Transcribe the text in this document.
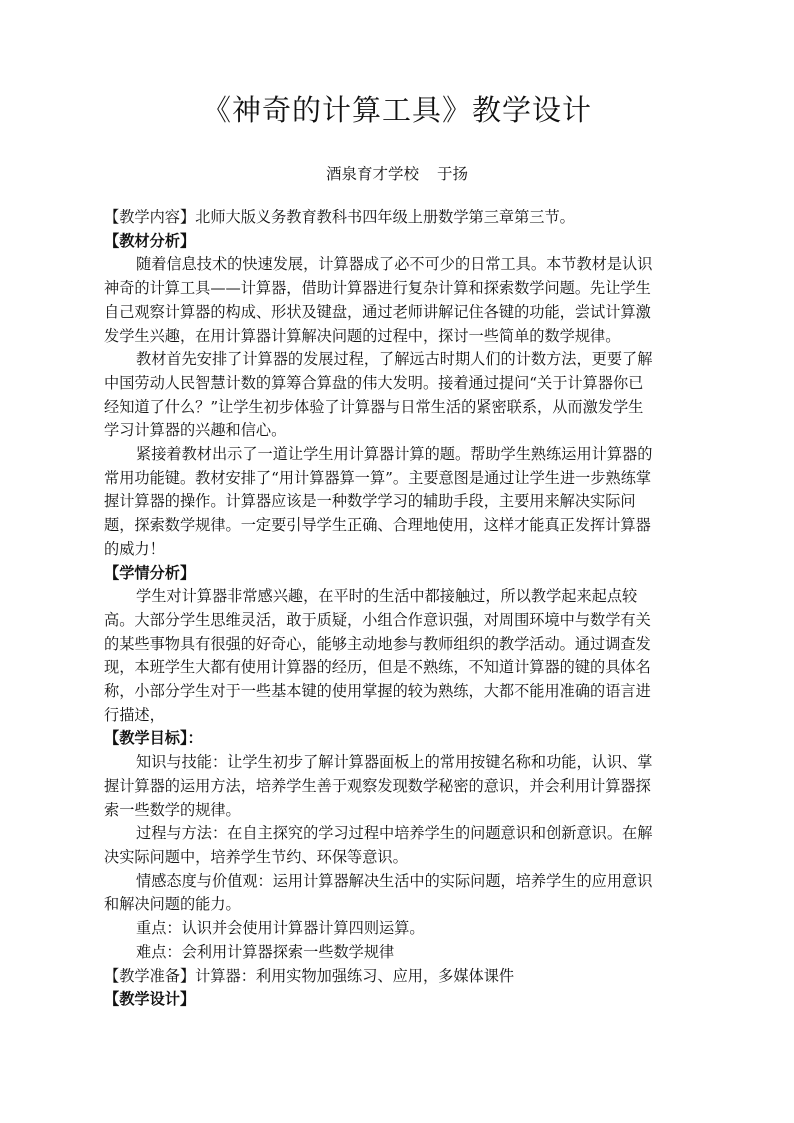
《神奇的计算工具》教学设计
酒泉育才学校 于扬
【教学内容】北师大版义务教育教科书四年级上册数学第三章第三节。
【教材分析】
随着信息技术的快速发展，计算器成了必不可少的日常工具。本节教材是认识
神奇的计算工具——计算器，借助计算器进行复杂计算和探索数学问题。先让学生
自己观察计算器的构成、形状及键盘，通过老师讲解记住各键的功能，尝试计算激
发学生兴趣，在用计算器计算解决问题的过程中，探讨一些简单的数学规律。
教材首先安排了计算器的发展过程，了解远古时期人们的计数方法，更要了解
中国劳动人民智慧计数的算筹合算盘的伟大发明。接着通过提问“关于计算器你已
经知道了什么？”让学生初步体验了计算器与日常生活的紧密联系，从而激发学生
学习计算器的兴趣和信心。
紧接着教材出示了一道让学生用计算器计算的题。帮助学生熟练运用计算器的
常用功能键。教材安排了“用计算器算一算”。主要意图是通过让学生进一步熟练掌
握计算器的操作。计算器应该是一种数学学习的辅助手段，主要用来解决实际问
题，探索数学规律。一定要引导学生正确、合理地使用，这样才能真正发挥计算器
的威力！
【学情分析】
学生对计算器非常感兴趣，在平时的生活中都接触过，所以教学起来起点较
高。大部分学生思维灵活，敢于质疑，小组合作意识强，对周围环境中与数学有关
的某些事物具有很强的好奇心，能够主动地参与教师组织的教学活动。通过调查发
现，本班学生大都有使用计算器的经历，但是不熟练，不知道计算器的键的具体名
称，小部分学生对于一些基本键的使用掌握的较为熟练，大都不能用准确的语言进
行描述，
【教学目标】：
知识与技能：让学生初步了解计算器面板上的常用按键名称和功能，认识、掌
握计算器的运用方法，培养学生善于观察发现数学秘密的意识，并会利用计算器探
索一些数学的规律。
过程与方法：在自主探究的学习过程中培养学生的问题意识和创新意识。在解
决实际问题中，培养学生节约、环保等意识。
情感态度与价值观：运用计算器解决生活中的实际问题，培养学生的应用意识
和解决问题的能力。
重点：认识并会使用计算器计算四则运算。
难点：会利用计算器探索一些数学规律
【教学准备】计算器：利用实物加强练习、应用，多媒体课件
【教学设计】
